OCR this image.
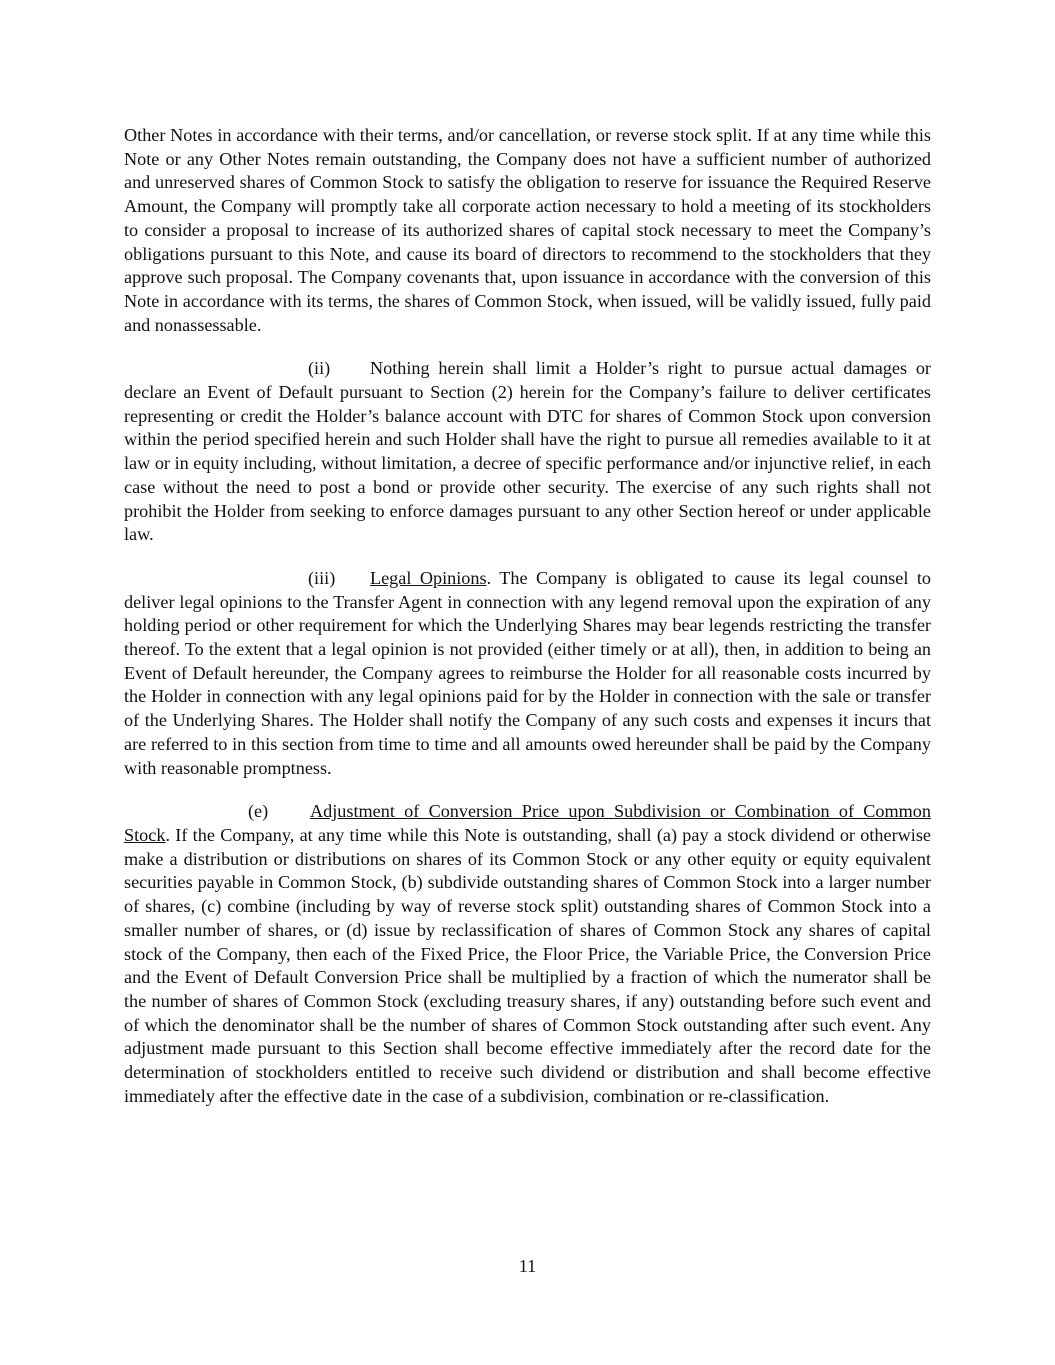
Other Notes in accordance with their terms, and/or cancellation, or reverse stock split. If at any time while this Note or any Other Notes remain outstanding, the Company does not have a sufficient number of authorized and unreserved shares of Common Stock to satisfy the obligation to reserve for issuance the Required Reserve Amount, the Company will promptly take all corporate action necessary to hold a meeting of its stockholders to consider a proposal to increase of its authorized shares of capital stock necessary to meet the Company’s obligations pursuant to this Note, and cause its board of directors to recommend to the stockholders that they approve such proposal. The Company covenants that, upon issuance in accordance with the conversion of this Note in accordance with its terms, the shares of Common Stock, when issued, will be validly issued, fully paid and nonassessable.

(ii) Nothing herein shall limit a Holder’s right to pursue actual damages or declare an Event of Default pursuant to Section (2) herein for the Company’s failure to deliver certificates representing or credit the Holder’s balance account with DTC for shares of Common Stock upon conversion within the period specified herein and such Holder shall have the right to pursue all remedies available to it at law or in equity including, without limitation, a decree of specific performance and/or injunctive relief, in each case without the need to post a bond or provide other security. The exercise of any such rights shall not prohibit the Holder from seeking to enforce damages pursuant to any other Section hereof or under applicable law.

(iii) Legal Opinions. The Company is obligated to cause its legal counsel to deliver legal opinions to the Transfer Agent in connection with any legend removal upon the expiration of any holding period or other requirement for which the Underlying Shares may bear legends restricting the transfer thereof. To the extent that a legal opinion is not provided (either timely or at all), then, in addition to being an Event of Default hereunder, the Company agrees to reimburse the Holder for all reasonable costs incurred by the Holder in connection with any legal opinions paid for by the Holder in connection with the sale or transfer of the Underlying Shares. The Holder shall notify the Company of any such costs and expenses it incurs that are referred to in this section from time to time and all amounts owed hereunder shall be paid by the Company with reasonable promptness.

(e) Adjustment of Conversion Price upon Subdivision or Combination of Common Stock. If the Company, at any time while this Note is outstanding, shall (a) pay a stock dividend or otherwise make a distribution or distributions on shares of its Common Stock or any other equity or equity equivalent securities payable in Common Stock, (b) subdivide outstanding shares of Common Stock into a larger number of shares, (c) combine (including by way of reverse stock split) outstanding shares of Common Stock into a smaller number of shares, or (d) issue by reclassification of shares of Common Stock any shares of capital stock of the Company, then each of the Fixed Price, the Floor Price, the Variable Price, the Conversion Price and the Event of Default Conversion Price shall be multiplied by a fraction of which the numerator shall be the number of shares of Common Stock (excluding treasury shares, if any) outstanding before such event and of which the denominator shall be the number of shares of Common Stock outstanding after such event. Any adjustment made pursuant to this Section shall become effective immediately after the record date for the determination of stockholders entitled to receive such dividend or distribution and shall become effective immediately after the effective date in the case of a subdivision, combination or re-classification.

11
